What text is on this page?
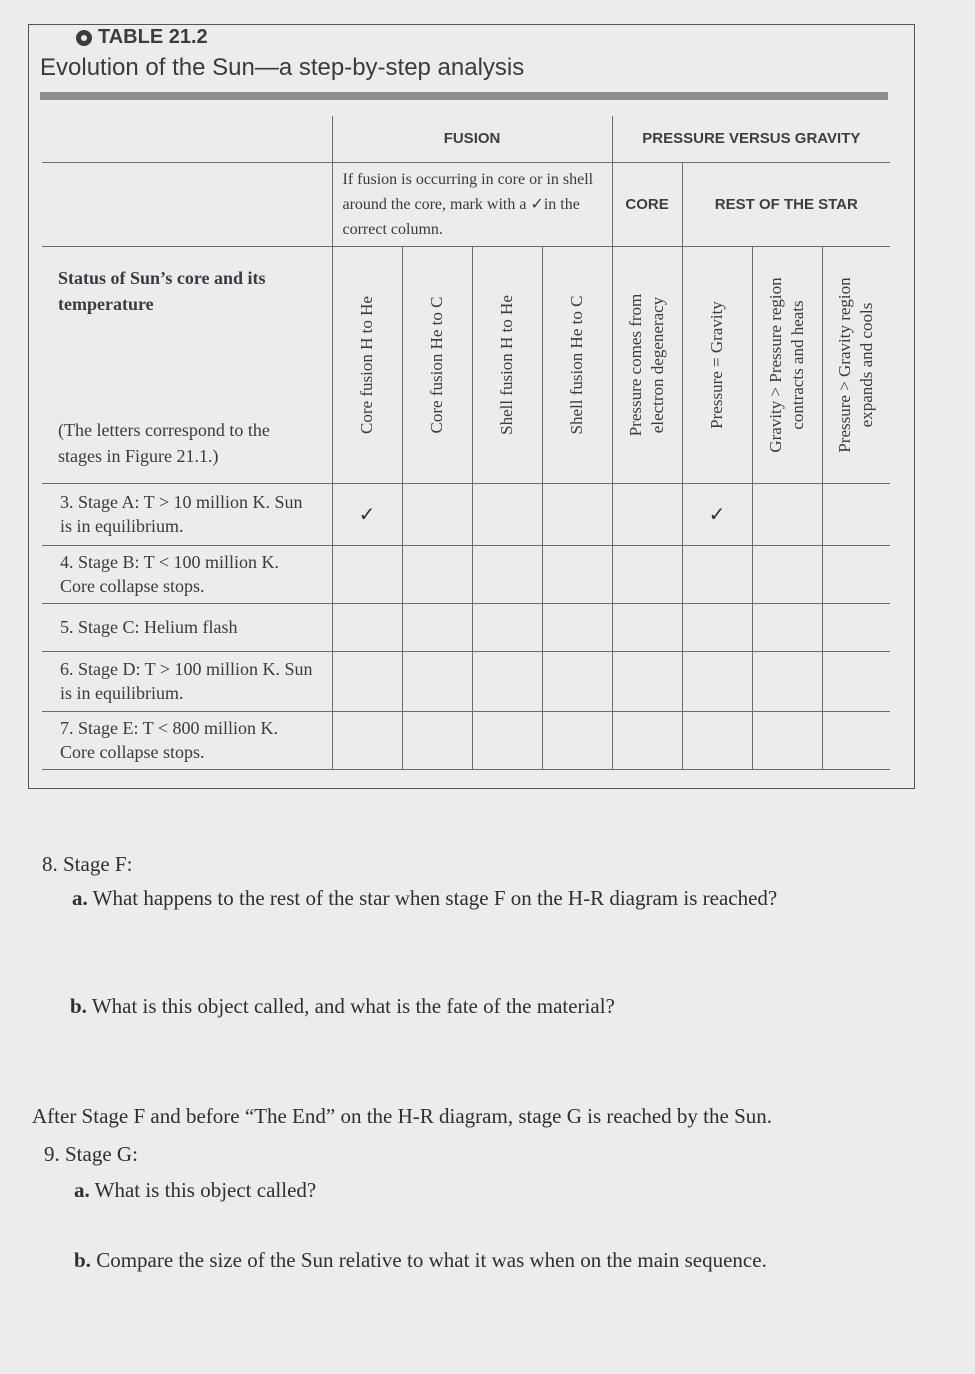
TABLE 21.2
Evolution of the Sun—a step-by-step analysis
	FUSION				PRESSURE VERSUS GRAVITY			
	If fusion is occurring in core or in shell around the core, mark with a ✓in the correct column.				CORE	REST OF THE STAR		

Status of Sun’s core and its temperature
(The letters correspond to the stages in Figure 21.1.)	Core fusion H to He	Core fusion He to C	Shell fusion H to He	Shell fusion He to C	Pressure comes from electron degeneracy	Pressure = Gravity	Gravity > Pressure region contracts and heats	Pressure > Gravity region expands and cools

3. Stage A: T > 10 million K. Sun is in equilibrium.	✓					✓		
4. Stage B: T < 100 million K. Core collapse stops.								
5. Stage C: Helium flash								
6. Stage D: T > 100 million K. Sun is in equilibrium.								
7. Stage E: T < 800 million K. Core collapse stops.								
8. Stage F:
a. What happens to the rest of the star when stage F on the H-R diagram is reached?
b. What is this object called, and what is the fate of the material?
After Stage F and before “The End” on the H-R diagram, stage G is reached by the Sun.
9. Stage G:
a. What is this object called?
b. Compare the size of the Sun relative to what it was when on the main sequence.
